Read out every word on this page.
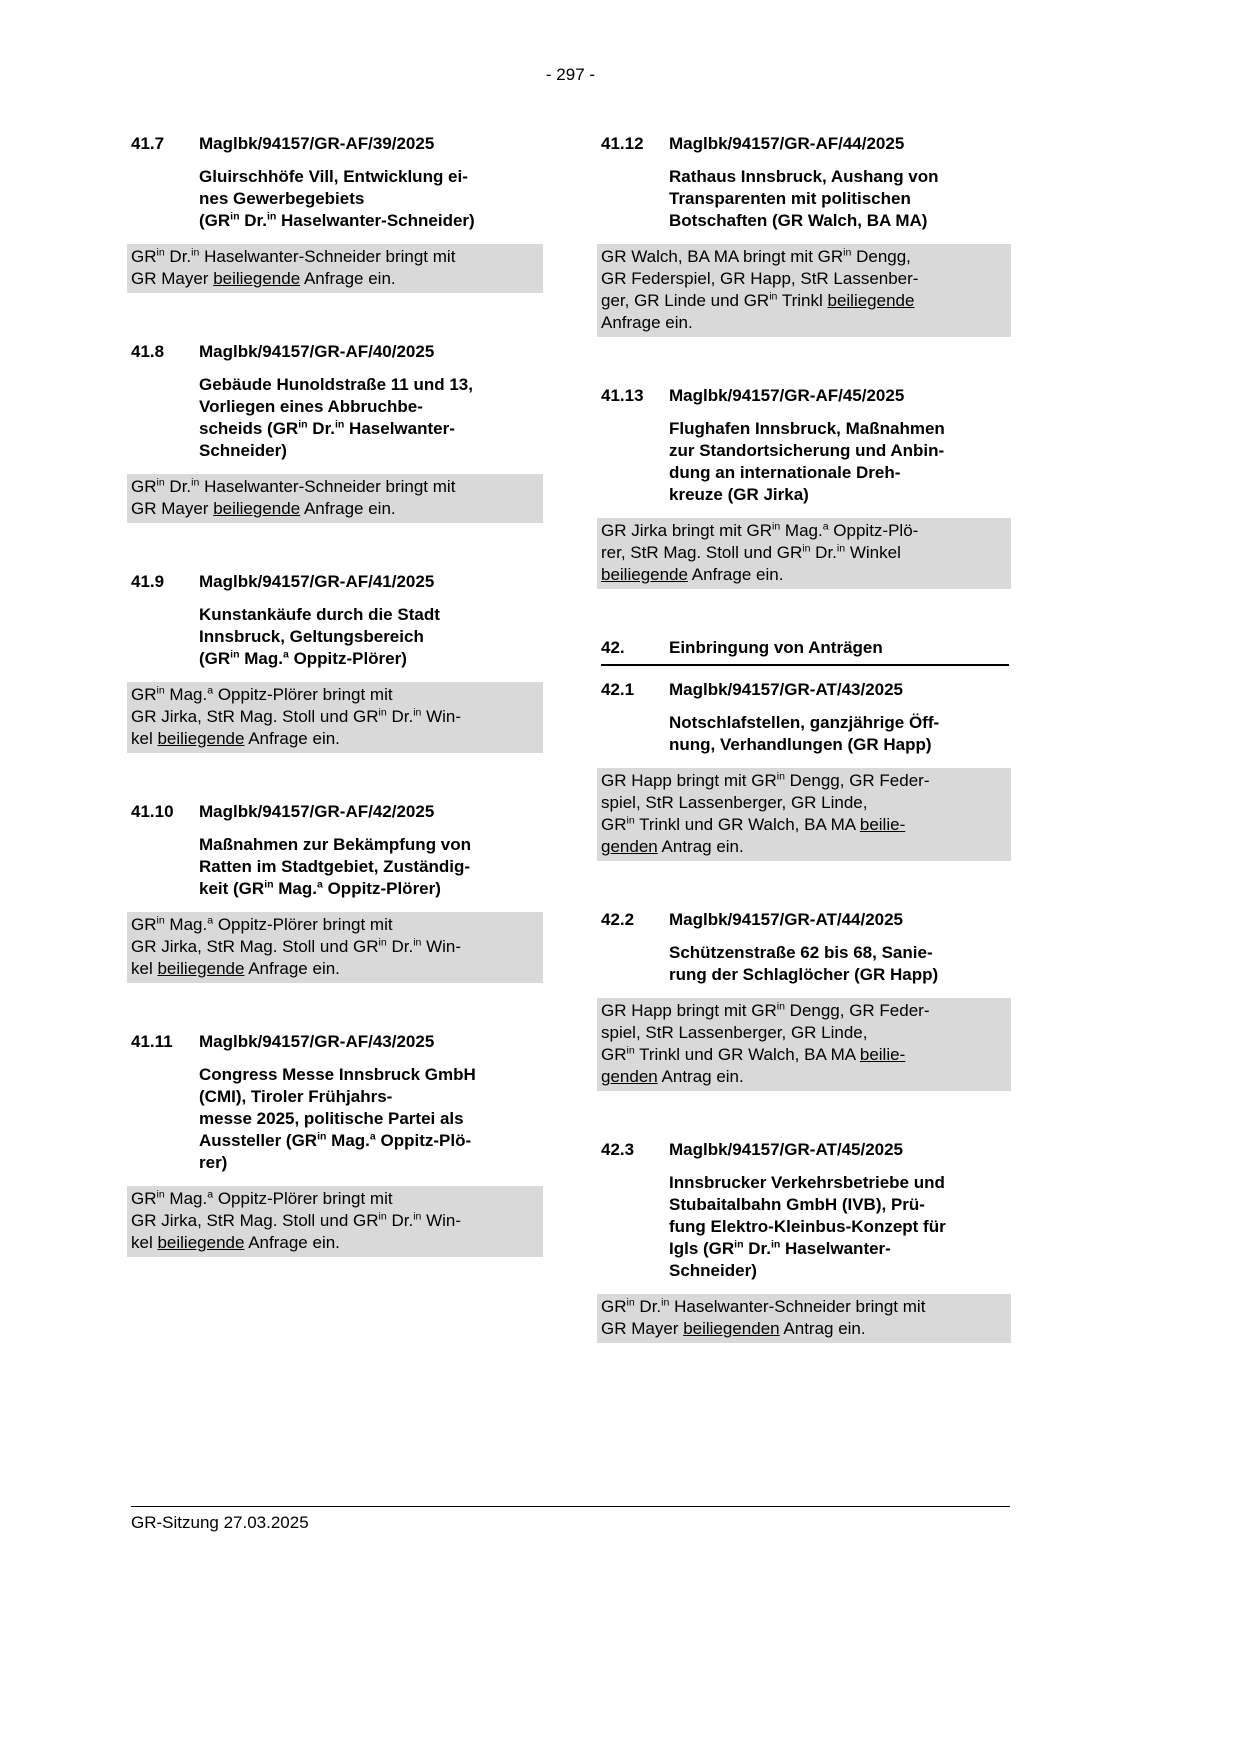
- 297 -
41.7	Maglbk/94157/GR-AF/39/2025
Gluirschhöfe Vill, Entwicklung ei-
nes Gewerbegebiets
($GR^{in}$ Dr.$^{in}$ Haselwanter-Schneider)
$GR^{in}$ Dr.$^{in}$ Haselwanter-Schneider bringt mit
GR Mayer beiliegende Anfrage ein.
41.8	Maglbk/94157/GR-AF/40/2025
Gebäude Hunoldstraße 11 und 13,
Vorliegen eines Abbruchbe-
scheids ($GR^{in}$ Dr.$^{in}$ Haselwanter-
Schneider)
$GR^{in}$ Dr.$^{in}$ Haselwanter-Schneider bringt mit
GR Mayer beiliegende Anfrage ein.
41.9	Maglbk/94157/GR-AF/41/2025
Kunstankäufe durch die Stadt
Innsbruck, Geltungsbereich
($GR^{in}$ Mag.$^a$ Oppitz-Plörer)
$GR^{in}$ Mag.$^a$ Oppitz-Plörer bringt mit
GR Jirka, StR Mag. Stoll und $GR^{in}$ Dr.$^{in}$ Win-
kel beiliegende Anfrage ein.
41.10	Maglbk/94157/GR-AF/42/2025
Maßnahmen zur Bekämpfung von
Ratten im Stadtgebiet, Zuständig-
keit ($GR^{in}$ Mag.$^a$ Oppitz-Plörer)
$GR^{in}$ Mag.$^a$ Oppitz-Plörer bringt mit
GR Jirka, StR Mag. Stoll und $GR^{in}$ Dr.$^{in}$ Win-
kel beiliegende Anfrage ein.
41.11	Maglbk/94157/GR-AF/43/2025
Congress Messe Innsbruck GmbH
(CMI), Tiroler Frühjahrs-
messe 2025, politische Partei als
Aussteller ($GR^{in}$ Mag.$^a$ Oppitz-Plö-
rer)
$GR^{in}$ Mag.$^a$ Oppitz-Plörer bringt mit
GR Jirka, StR Mag. Stoll und $GR^{in}$ Dr.$^{in}$ Win-
kel beiliegende Anfrage ein.
41.12	Maglbk/94157/GR-AF/44/2025
Rathaus Innsbruck, Aushang von
Transparenten mit politischen
Botschaften (GR Walch, BA MA)
GR Walch, BA MA bringt mit $GR^{in}$ Dengg,
GR Federspiel, GR Happ, StR Lassenber-
ger, GR Linde und $GR^{in}$ Trinkl beiliegende
Anfrage ein.
41.13	Maglbk/94157/GR-AF/45/2025
Flughafen Innsbruck, Maßnahmen
zur Standortsicherung und Anbin-
dung an internationale Dreh-
kreuze (GR Jirka)
GR Jirka bringt mit $GR^{in}$ Mag.$^a$ Oppitz-Plö-
rer, StR Mag. Stoll und $GR^{in}$ Dr.$^{in}$ Winkel
beiliegende Anfrage ein.
42.	Einbringung von Anträgen
42.1	Maglbk/94157/GR-AT/43/2025
Notschlafstellen, ganzjährige Öff-
nung, Verhandlungen (GR Happ)
GR Happ bringt mit $GR^{in}$ Dengg, GR Feder-
spiel, StR Lassenberger, GR Linde,
$GR^{in}$ Trinkl und GR Walch, BA MA beilie-
genden Antrag ein.
42.2	Maglbk/94157/GR-AT/44/2025
Schützenstraße 62 bis 68, Sanie-
rung der Schlaglöcher (GR Happ)
GR Happ bringt mit $GR^{in}$ Dengg, GR Feder-
spiel, StR Lassenberger, GR Linde,
$GR^{in}$ Trinkl und GR Walch, BA MA beilie-
genden Antrag ein.
42.3	Maglbk/94157/GR-AT/45/2025
Innsbrucker Verkehrsbetriebe und
Stubaitalbahn GmbH (IVB), Prü-
fung Elektro-Kleinbus-Konzept für
Igls ($GR^{in}$ Dr.$^{in}$ Haselwanter-
Schneider)
$GR^{in}$ Dr.$^{in}$ Haselwanter-Schneider bringt mit
GR Mayer beiliegenden Antrag ein.
GR-Sitzung 27.03.2025
